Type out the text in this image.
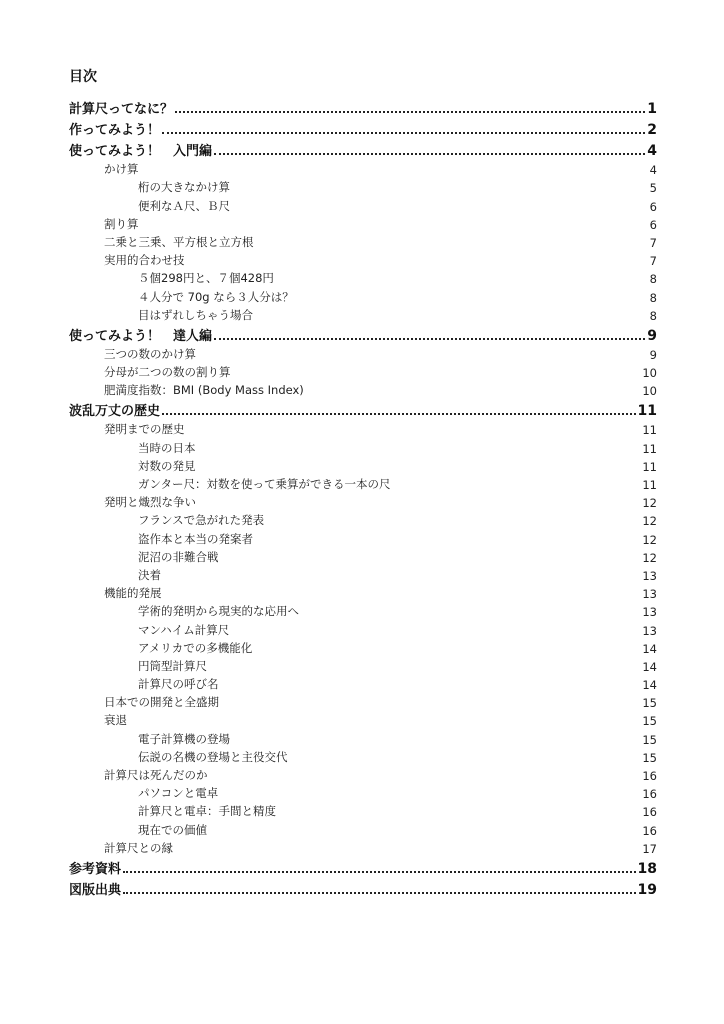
目次
計算尺ってなに？	1
作ってみよう！	2
使ってみよう！　入門編	4
かけ算	4
桁の大きなかけ算	5
便利なＡ尺、Ｂ尺	6
割り算	6
二乗と三乗、平方根と立方根	7
実用的合わせ技	7
５個298円と、７個428円	8
４人分で 70g なら３人分は？	8
目はずれしちゃう場合	8
使ってみよう！　達人編	9
三つの数のかけ算	9
分母が二つの数の割り算	10
肥満度指数：BMI (Body Mass Index)	10
波乱万丈の歴史	11
発明までの歴史	11
当時の日本	11
対数の発見	11
ガンター尺：対数を使って乗算ができる一本の尺	11
発明と熾烈な争い	12
フランスで急がれた発表	12
盗作本と本当の発案者	12
泥沼の非難合戦	12
決着	13
機能的発展	13
学術的発明から現実的な応用へ	13
マンハイム計算尺	13
アメリカでの多機能化	14
円筒型計算尺	14
計算尺の呼び名	14
日本での開発と全盛期	15
衰退	15
電子計算機の登場	15
伝説の名機の登場と主役交代	15
計算尺は死んだのか	16
パソコンと電卓	16
計算尺と電卓：手間と精度	16
現在での価値	16
計算尺との縁	17
参考資料	18
図版出典	19
